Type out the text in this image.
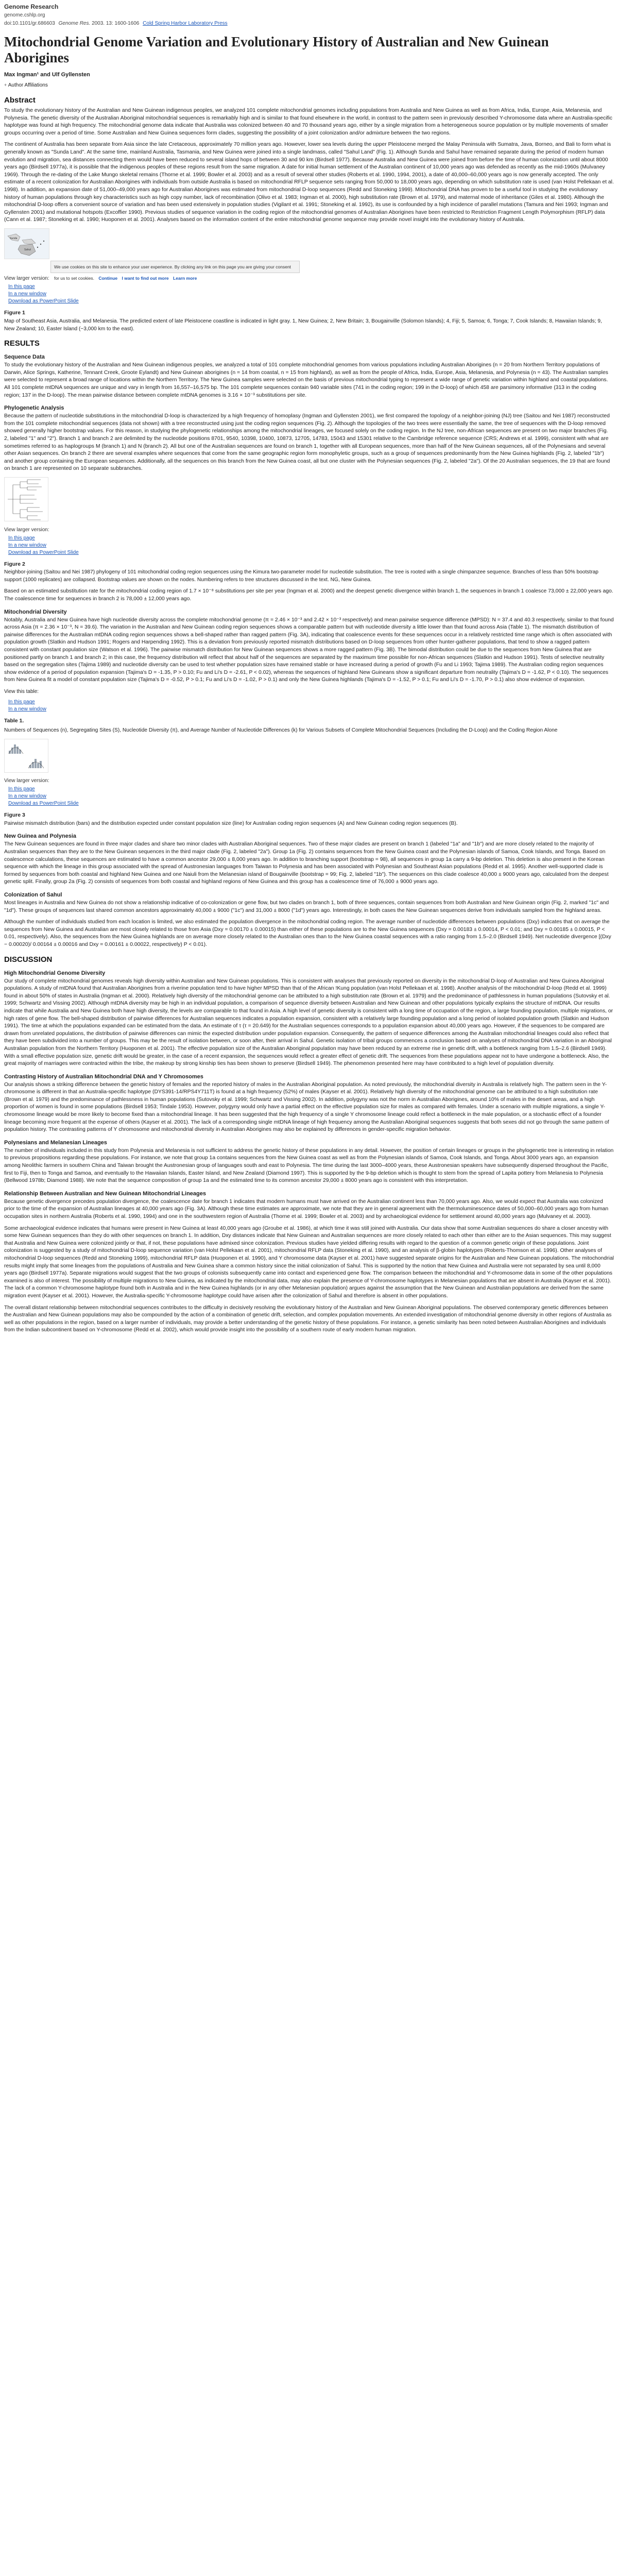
Genome Research
genome.cshlp.org
doi:10.1101/gr.686603 Genome Res. 2003. 13: 1600-1606 Cold Spring Harbor Laboratory Press
Mitochondrial Genome Variation and Evolutionary History of Australian and New Guinean Aborigines
Max Ingman¹ and Ulf Gyllensten
+ Author Affiliations
Abstract

To study the evolutionary history of the Australian and New Guinean indigenous peoples, we analyzed 101 complete mitochondrial genomes including populations from Australia and New Guinea as well as from Africa, India, Europe, Asia, Melanesia, and Polynesia. The genetic diversity of the Australian Aboriginal mitochondrial sequences is remarkably high and is similar to that found elsewhere in the world, in contrast to the pattern seen in previously described Y-chromosome data where an Australia-specific haplotype was found at high frequency. The mitochondrial genome data indicate that Australia was colonized between 40 and 70 thousand years ago, either by a single migration from a heterogeneous source population or by multiple movements of smaller groups occurring over a period of time. Some Australian and New Guinea sequences form clades, suggesting the possibility of a joint colonization and/or admixture between the two regions.

The continent of Australia has been separate from Asia since the late Cretaceous, approximately 70 million years ago. However, lower sea levels during the upper Pleistocene merged the Malay Peninsula with Sumatra, Java, Borneo, and Bali to form what is generally known as "Sunda Land". At the same time, mainland Australia, Tasmania, and New Guinea were joined into a single landmass, called "Sahul Land" (Fig. 1). Although Sunda and Sahul have remained separate during the period of modern human evolution and migration, sea distances connecting them would have been reduced to several island hops of between 30 and 90 km (Birdsell 1977). Because Australia and New Guinea were joined from before the time of human colonization until about 8000 years ago (Birdsell 1977a), it is possible that the indigenous peoples of these regions result from the same migration. A date for initial human settlement of the Australian continent of 10,000 years ago was defended as recently as the mid-1960s (Mulvaney 1969). Through the re-dating of the Lake Mungo skeletal remains (Thorne et al. 1999; Bowler et al. 2003) and as a result of several other studies (Roberts et al. 1990, 1994, 2001), a date of 40,000–60,000 years ago is now generally accepted. The only estimate of a recent colonization for Australian Aborigines with individuals from outside Australia is based on mitochondrial RFLP sequence sets ranging from 50,000 to 18,000 years ago, depending on which substitution rate is used (van Holst Pellekaan et al. 1998). In addition, an expansion date of 51,000–49,000 years ago for Australian Aborigines was estimated from mitochondrial D-loop sequences (Redd and Stoneking 1999). Mitochondrial DNA has proven to be a useful tool in studying the evolutionary history of human populations through key characteristics such as high copy number, lack of recombination (Olivo et al. 1983; Ingman et al. 2000), high substitution rate (Brown et al. 1979), and maternal mode of inheritance (Giles et al. 1980). Although the mitochondrial D-loop offers a convenient source of variation and has been used extensively in population studies (Vigilant et al. 1991; Stoneking et al. 1992), its use is confounded by a high incidence of parallel mutations (Tamura and Nei 1993; Ingman and Gyllensten 2001) and mutational hotspots (Excoffier 1990). Previous studies of sequence variation in the coding region of the mitochondrial genomes of Australian Aborigines have been restricted to Restriction Fragment Length Polymorphism (RFLP) data (Cann et al. 1987; Stoneking et al. 1990; Huoponen et al. 2001). Analyses based on the information content of the entire mitochondrial genome sequence may provide novel insight into the evolutionary history of Australia.

Sunda
Sahul
We use cookies on this site to enhance your user experience. By clicking any link on this page you are giving your consent for us to set cookies. Continue I want to find out more Learn more
View larger version:
In this page
In a new window
Download as PowerPoint Slide
Figure 1
Map of Southeast Asia, Australia, and Melanesia. The predicted extent of late Pleistocene coastline is indicated in light gray. 1, New Guinea; 2, New Britain; 3, Bougainville (Solomon Islands); 4, Fiji; 5, Samoa; 6, Tonga; 7, Cook Islands; 8, Hawaiian Islands; 9, New Zealand; 10, Easter Island (~3,000 km to the east).
RESULTS
Sequence Data

To study the evolutionary history of the Australian and New Guinean indigenous peoples, we analyzed a total of 101 complete mitochondrial genomes from various populations including Australian Aborigines (n = 20 from Northern Territory populations of Darwin, Alice Springs, Katherine, Tennant Creek, Groote Eylandt) and New Guinean aborigines (n = 14 from coastal, n = 15 from highland), as well as from the people of Africa, India, Europe, Asia, Melanesia, and Polynesia (n = 43). The Australian samples were selected to represent a broad range of locations within the Northern Territory. The New Guinea samples were selected on the basis of previous mitochondrial typing to represent a wide range of genetic variation within highland and coastal populations. All 101 complete mtDNA sequences are unique and vary in length from 16,557–16,575 bp. The 101 complete sequences contain 940 variable sites (741 in the coding region; 199 in the D-loop) of which 458 are parsimony informative (313 in the coding region; 137 in the D-loop). The mean pairwise distance between complete mtDNA genomes is 3.16 × 10⁻³ substitutions per site.

Phylogenetic Analysis

Because the pattern of nucleotide substitutions in the mitochondrial D-loop is characterized by a high frequency of homoplasy (Ingman and Gyllensten 2001), we first compared the topology of a neighbor-joining (NJ) tree (Saitou and Nei 1987) reconstructed from the 101 complete mitochondrial sequences (data not shown) with a tree reconstructed using just the coding region sequences (Fig. 2). Although the topologies of the two trees were essentially the same, the tree of sequences with the D-loop removed showed generally higher bootstrap values. For this reason, in studying the phylogenetic relationships among the mitochondrial lineages, we focused solely on the coding region. In the NJ tree, non-African sequences are present on two major branches (Fig. 2, labeled "1" and "2"). Branch 1 and branch 2 are delimited by the nucleotide positions 8701, 9540, 10398, 10400, 10873, 12705, 14783, 15043 and 15301 relative to the Cambridge reference sequence (CRS; Andrews et al. 1999), consistent with what are sometimes referred to as haplogroups M (branch 1) and N (branch 2). All but one of the Australian sequences are found on branch 1, together with all European sequences, more than half of the New Guinean sequences, all of the Polynesians and several other Asian sequences. On branch 2 there are several examples where sequences that come from the same geographic region form monophyletic groups, such as a group of sequences predominantly from the New Guinea highlands (Fig. 2, labeled "1b") and another group containing the European sequences. Additionally, all the sequences on this branch from the New Guinea coast, all but one cluster with the Polynesian sequences (Fig. 2, labeled "2a"). Of the 20 Australian sequences, the 19 that are found on branch 1 are represented on 10 separate subbranches.

View larger version:
In this page
In a new window
Download as PowerPoint Slide
Figure 2
Neighbor-joining (Saitou and Nei 1987) phylogeny of 101 mitochondrial coding region sequences using the Kimura two-parameter model for nucleotide substitution. The tree is rooted with a single chimpanzee sequence. Branches of less than 50% bootstrap support (1000 replicates) are collapsed. Bootstrap values are shown on the nodes. Numbering refers to tree structures discussed in the text. NG, New Guinea.

Based on an estimated substitution rate for the mitochondrial coding region of 1.7 × 10⁻⁸ substitutions per site per year (Ingman et al. 2000) and the deepest genetic divergence within branch 1, the sequences in branch 1 coalesce 73,000 ± 22,000 years ago. The coalescence time for sequences in branch 2 is 78,000 ± 12,000 years ago.

Mitochondrial Diversity

Notably, Australia and New Guinea have high nucleotide diversity across the complete mitochondrial genome (π = 2.46 × 10⁻³ and 2.42 × 10⁻³ respectively) and mean pairwise sequence difference (MPSD): N = 37.4 and 40.3 respectively, similar to that found across Asia (π = 2.36 × 10⁻³, N = 39.6). The variation in the Australian and New Guinean coding region sequences shows a comparable pattern but with nucleotide diversity a little lower than that found across Asia (Table 1). The mismatch distribution of pairwise differences for the Australian mtDNA coding region sequences shows a bell-shaped rather than ragged pattern (Fig. 3A), indicating that coalescence events for these sequences occur in a relatively restricted time range which is often associated with population growth (Slatkin and Hudson 1991; Rogers and Harpending 1992). This is a deviation from previously reported mismatch distributions based on D-loop sequences from other hunter-gatherer populations, that tend to show a ragged pattern consistent with constant population size (Watson et al. 1996). The pairwise mismatch distribution for New Guinean sequences shows a more ragged pattern (Fig. 3B). The bimodal distribution could be due to the sequences from New Guinea that are positioned partly on branch 1 and branch 2; in this case, the frequency distribution will reflect that about half of the sequences are separated by the maximum time possible for non-African sequences (Slatkin and Hudson 1991). Tests of selective neutrality based on the segregation sites (Tajima 1989) and nucleotide diversity can be used to test whether population sizes have remained stable or have increased during a period of growth (Fu and Li 1993; Tajima 1989). The Australian coding region sequences show evidence of a period of population expansion (Tajima's D = -1.35, P > 0.10; Fu and Li's D = -2.61, P < 0.02), whereas the sequences of highland New Guineans show a significant departure from neutrality (Tajima's D = -1.62, P < 0.10). The sequences from New Guinea fit a model of constant population size (Tajima's D = -0.52, P > 0.1; Fu and Li's D = -1.02, P > 0.1) and only the New Guinea highlands (Tajima's D = -1.52, P > 0.1; Fu and Li's D = -1.70, P > 0.1) also show evidence of expansion.

View this table:
In this page
In a new window
Table 1.
Numbers of Sequences (n), Segregating Sites (S), Nucleotide Diversity (π), and Average Number of Nucleotide Differences (k) for Various Subsets of Complete Mitochondrial Sequences (Including the D-Loop) and the Coding Region Alone
View larger version:
In this page
In a new window
Download as PowerPoint Slide
Figure 3
Pairwise mismatch distribution (bars) and the distribution expected under constant population size (line) for Australian coding region sequences (A) and New Guinean coding region sequences (B).
New Guinea and Polynesia

The New Guinean sequences are found in three major clades and share two minor clades with Australian Aboriginal sequences. Two of these major clades are present on branch 1 (labeled "1a" and "1b") and are more closely related to the majority of Australian sequences than they are to the New Guinean sequences in the third major clade (Fig. 2, labeled "2a"). Group 1a (Fig. 2) contains sequences from the New Guinea coast and the Polynesian islands of Samoa, Cook Islands, and Tonga. Based on coalescence calculations, these sequences are estimated to have a common ancestor 29,000 ± 8,000 years ago. In addition to branching support (bootstrap = 98), all sequences in group 1a carry a 9-bp deletion. This deletion is also present in the Korean sequence with which the lineage in this group associated with the spread of Austronesian languages from Taiwan to Polynesia and has been associated with Polynesian and Southeast Asian populations (Redd et al. 1995). Another well-supported clade is formed by sequences from both coastal and highland New Guinea and one Naiuli from the Melanesian island of Bougainville (bootstrap = 99; Fig. 2, labeled "1b"). The sequences on this clade coalesce 40,000 ± 9000 years ago, calculated from the deepest genetic split. Finally, group 2a (Fig. 2) consists of sequences from both coastal and highland regions of New Guinea and this group has a coalescence time of 76,000 ± 9000 years ago.

Colonization of Sahul

Most lineages in Australia and New Guinea do not show a relationship indicative of co-colonization or gene flow, but two clades on branch 1, both of three sequences, contain sequences from both Australian and New Guinean origin (Fig. 2, marked "1c" and "1d"). These groups of sequences last shared common ancestors approximately 40,000 ± 9000 ("1c") and 31,000 ± 8000 ("1d") years ago. Interestingly, in both cases the New Guinean sequences derive from individuals sampled from the highland areas.

Although the number of individuals studied from each location is limited, we also estimated the population divergence in the mitochondrial coding region. The average number of nucleotide differences between populations (Dxy) indicates that on average the sequences from New Guinea and Australian are most closely related to those from Asia (Dxy = 0.00170 ± 0.00015) than either of these populations are to the New Guinea sequences (Dxy = 0.00183 ± 0.00014, P < 0.01; and Dxy = 0.00185 ± 0.00015, P < 0.01, respectively). Also, the sequences from the New Guinea highlands are on average more closely related to the Australian ones than to the New Guinea coastal sequences with a ratio ranging from 1.5–2.0 (Birdsell 1949). Net nucleotide divergence [(Dxy − 0.00020)/ 0.00164 ± 0.00016 and Dxy = 0.00161 ± 0.00022, respectively) P < 0.01).

DISCUSSION
High Mitochondrial Genome Diversity

Our study of complete mitochondrial genomes reveals high diversity within Australian and New Guinean populations. This is consistent with analyses that previously reported on diversity in the mitochondrial D-loop of Australian and New Guinea Aboriginal populations. A study of mtDNA found that Australian Aborigines from a riverine population tend to have higher MPSD than that of the African !Kung population (van Holst Pellekaan et al. 1998). Another analysis of the mitochondrial D-loop (Redd et al. 1999) found in about 50% of states in Australia (Ingman et al. 2000). Relatively high diversity of the mitochondrial genome can be attributed to a high substitution rate (Brown et al. 1979) and the predominance of pathlessness in human populations (Sutovsky et al. 1999; Schwartz and Vissing 2002). Although mtDNA diversity may be high in an individual population, a comparison of sequence diversity between Australian and New Guinean and other populations typically explains the structure of mtDNA. Our results indicate that while Australia and New Guinea both have high diversity, the levels are comparable to that found in Asia. A high level of genetic diversity is consistent with a long time of occupation of the region, a large founding population, multiple migrations, or high rates of gene flow. The bell-shaped distribution of pairwise differences for Australian sequences indicates a population expansion, consistent with a relatively large founding population and a long period of isolated population growth (Slatkin and Hudson 1991). The time at which the populations expanded can be estimated from the data. An estimate of τ (τ = 20.649) for the Australian sequences corresponds to a population expansion about 40,000 years ago. However, if the sequences to be compared are drawn from unrelated populations, the distribution of pairwise differences can mimic the expected distribution under population expansion. Consequently, the pattern of sequence differences among the Australian mitochondrial lineages could also reflect that they have been subdivided into a number of groups. This may be the result of isolation between, or soon after, their arrival in Sahul. Genetic isolation of tribal groups commences a conclusion based on analyses of mitochondrial DNA variation in an Aboriginal Australian population from the Northern Territory (Huoponen et al. 2001). The effective population size of the Australian Aboriginal population may have been reduced by an extreme rise in genetic drift, with a bottleneck ranging from 1.5–2.6 (Birdsell 1949). With a small effective population size, genetic drift would be greater, in the case of a recent expansion, the sequences would reflect a greater effect of genetic drift. The sequences from these populations appear not to have undergone a bottleneck. Also, the great majority of marriages were contracted within the tribe, the makeup by strong kinship ties has been shown to preserve (Birdsell 1949). The phenomenon presented here may have contributed to a high level of population diversity.

Contrasting History of Australian Mitochondrial DNA and Y Chromosomes

Our analysis shows a striking difference between the genetic history of females and the reported history of males in the Australian Aboriginal population. As noted previously, the mitochondrial diversity in Australia is relatively high. The pattern seen in the Y-chromosome is different in that an Australia-specific haplotype (DYS391-14/RPS4Y711T) is found at a high frequency (52%) of males (Kayser et al. 2001). Relatively high diversity of the mitochondrial genome can be attributed to a high substitution rate (Brown et al. 1979) and the predominance of pathlessness in human populations (Sutovsky et al. 1999; Schwartz and Vissing 2002). In addition, polygyny was not the norm in Australian Aborigines, around 10% of males in the desert areas, and a high proportion of women is found in some populations (Birdsell 1953; Tindale 1953). However, polygyny would only have a partial effect on the effective population size for males as compared with females. Under a scenario with multiple migrations, a single Y-chromosome lineage would be more likely to become fixed than a mitochondrial lineage. It has been suggested that the high frequency of a single Y chromosome lineage could reflect a bottleneck in the male population, or a stochastic effect of a founder lineage becoming more frequent at the expense of others (Kayser et al. 2001). The lack of a corresponding single mtDNA lineage of high frequency among the Australian Aboriginal sequences suggests that both sexes did not go through the same pattern of population history. The contrasting patterns of Y chromosome and mitochondrial diversity in Australian Aborigines may also be explained by differences in gender-specific migration behavior.

Polynesians and Melanesian Lineages

The number of individuals included in this study from Polynesia and Melanesia is not sufficient to address the genetic history of these populations in any detail. However, the position of certain lineages or groups in the phylogenetic tree is interesting in relation to previous propositions regarding these populations. For instance, we note that group 1a contains sequences from the New Guinea coast as well as from the Polynesian islands of Samoa, Cook Islands, and Tonga. About 3000 years ago, an expansion among Neolithic farmers in southern China and Taiwan brought the Austronesian group of languages south and east to Polynesia. The time during the last 3000–4000 years, these Austronesian speakers have subsequently dispersed throughout the Pacific, first to Fiji, then to Tonga and Samoa, and eventually to the Hawaiian Islands, Easter Island, and New Zealand (Diamond 1997). This is supported by the 9-bp deletion which is thought to stem from the spread of Lapita pottery from Melanesia to Polynesia (Bellwood 1978b; Diamond 1988). We note that the sequence composition of group 1a and the estimated time to its common ancestor 29,000 ± 8000 years ago is consistent with this interpretation.

Relationship Between Australian and New Guinean Mitochondrial Lineages

Because genetic divergence precedes population divergence, the coalescence date for branch 1 indicates that modern humans must have arrived on the Australian continent less than 70,000 years ago. Also, we would expect that Australia was colonized prior to the time of the expansion of Australian lineages at 40,000 years ago (Fig. 3A). Although these time estimates are approximate, we note that they are in general agreement with the thermoluminescence dates of 50,000–60,000 years ago from human occupation sites in northern Australia (Roberts et al. 1990, 1994) and one in the southwestern region of Australia (Thorne et al. 1999; Bowler et al. 2003) and by archaeological evidence for settlement around 40,000 years ago (Mulvaney et al. 2003).

Some archaeological evidence indicates that humans were present in New Guinea at least 40,000 years ago (Groube et al. 1986), at which time it was still joined with Australia. Our data show that some Australian sequences do share a closer ancestry with some New Guinean sequences than they do with other sequences on branch 1. In addition, Dxy distances indicate that New Guinean and Australian sequences are more closely related to each other than either are to the Asian sequences. This may suggest that Australia and New Guinea were colonized jointly or that, if not, these populations have admixed since colonization. Previous studies have yielded differing results with regard to the question of a common genetic origin of these populations. Joint colonization is suggested by a study of mitochondrial D-loop sequence variation (van Holst Pellekaan et al. 2001), mitochondrial RFLP data (Stoneking et al. 1990), and an analysis of β-globin haplotypes (Roberts-Thomson et al. 1996). Other analyses of mitochondrial D-loop sequences (Redd and Stoneking 1999), mitochondrial RFLP data (Huoponen et al. 1990), and Y chromosome data (Kayser et al. 2001) have suggested separate origins for the Australian and New Guinean populations. The mitochondrial results might imply that some lineages from the populations of Australia and New Guinea share a common history since the initial colonization of Sahul. This is supported by the notion that New Guinea and Australia were not separated by sea until 8,000 years ago (Birdsell 1977a). Separate migrations would suggest that the two groups of colonists subsequently came into contact and experienced gene flow. The comparison between the mitochondrial and Y-chromosome data in some of the other populations examined is also of interest. The possibility of multiple migrations to New Guinea, as indicated by the mitochondrial data, may also explain the presence of Y-chromosome haplotypes in Melanesian populations that are absent in Australia (Kayser et al. 2001). The lack of a common Y-chromosome haplotype found both in Australia and in the New Guinea highlands (or in any other Melanesian population) argues against the assumption that the New Guinean and Australian populations are derived from the same migration event (Kayser et al. 2001). However, the Australia-specific Y-chromosome haplotype could have arisen after the colonization of Sahul and therefore is absent in other populations.

The overall distant relationship between mitochondrial sequences contributes to the difficulty in decisively resolving the evolutionary history of the Australian and New Guinean Aboriginal populations. The observed contemporary genetic differences between the Australian and New Guinean populations may also be compounded by the action of a combination of genetic drift, selection, and complex population movements. An extended investigation of mitochondrial genome diversity in other regions of Australia as well as other populations in the region, based on a larger number of individuals, may provide a better understanding of the genetic history of these populations. For instance, a genetic similarity has been noted between Australian Aborigines and individuals from the Indian subcontinent based on Y-chromosome (Redd et al. 2002), which would provide insight into the possibility of a southern route of early modern human migration.
